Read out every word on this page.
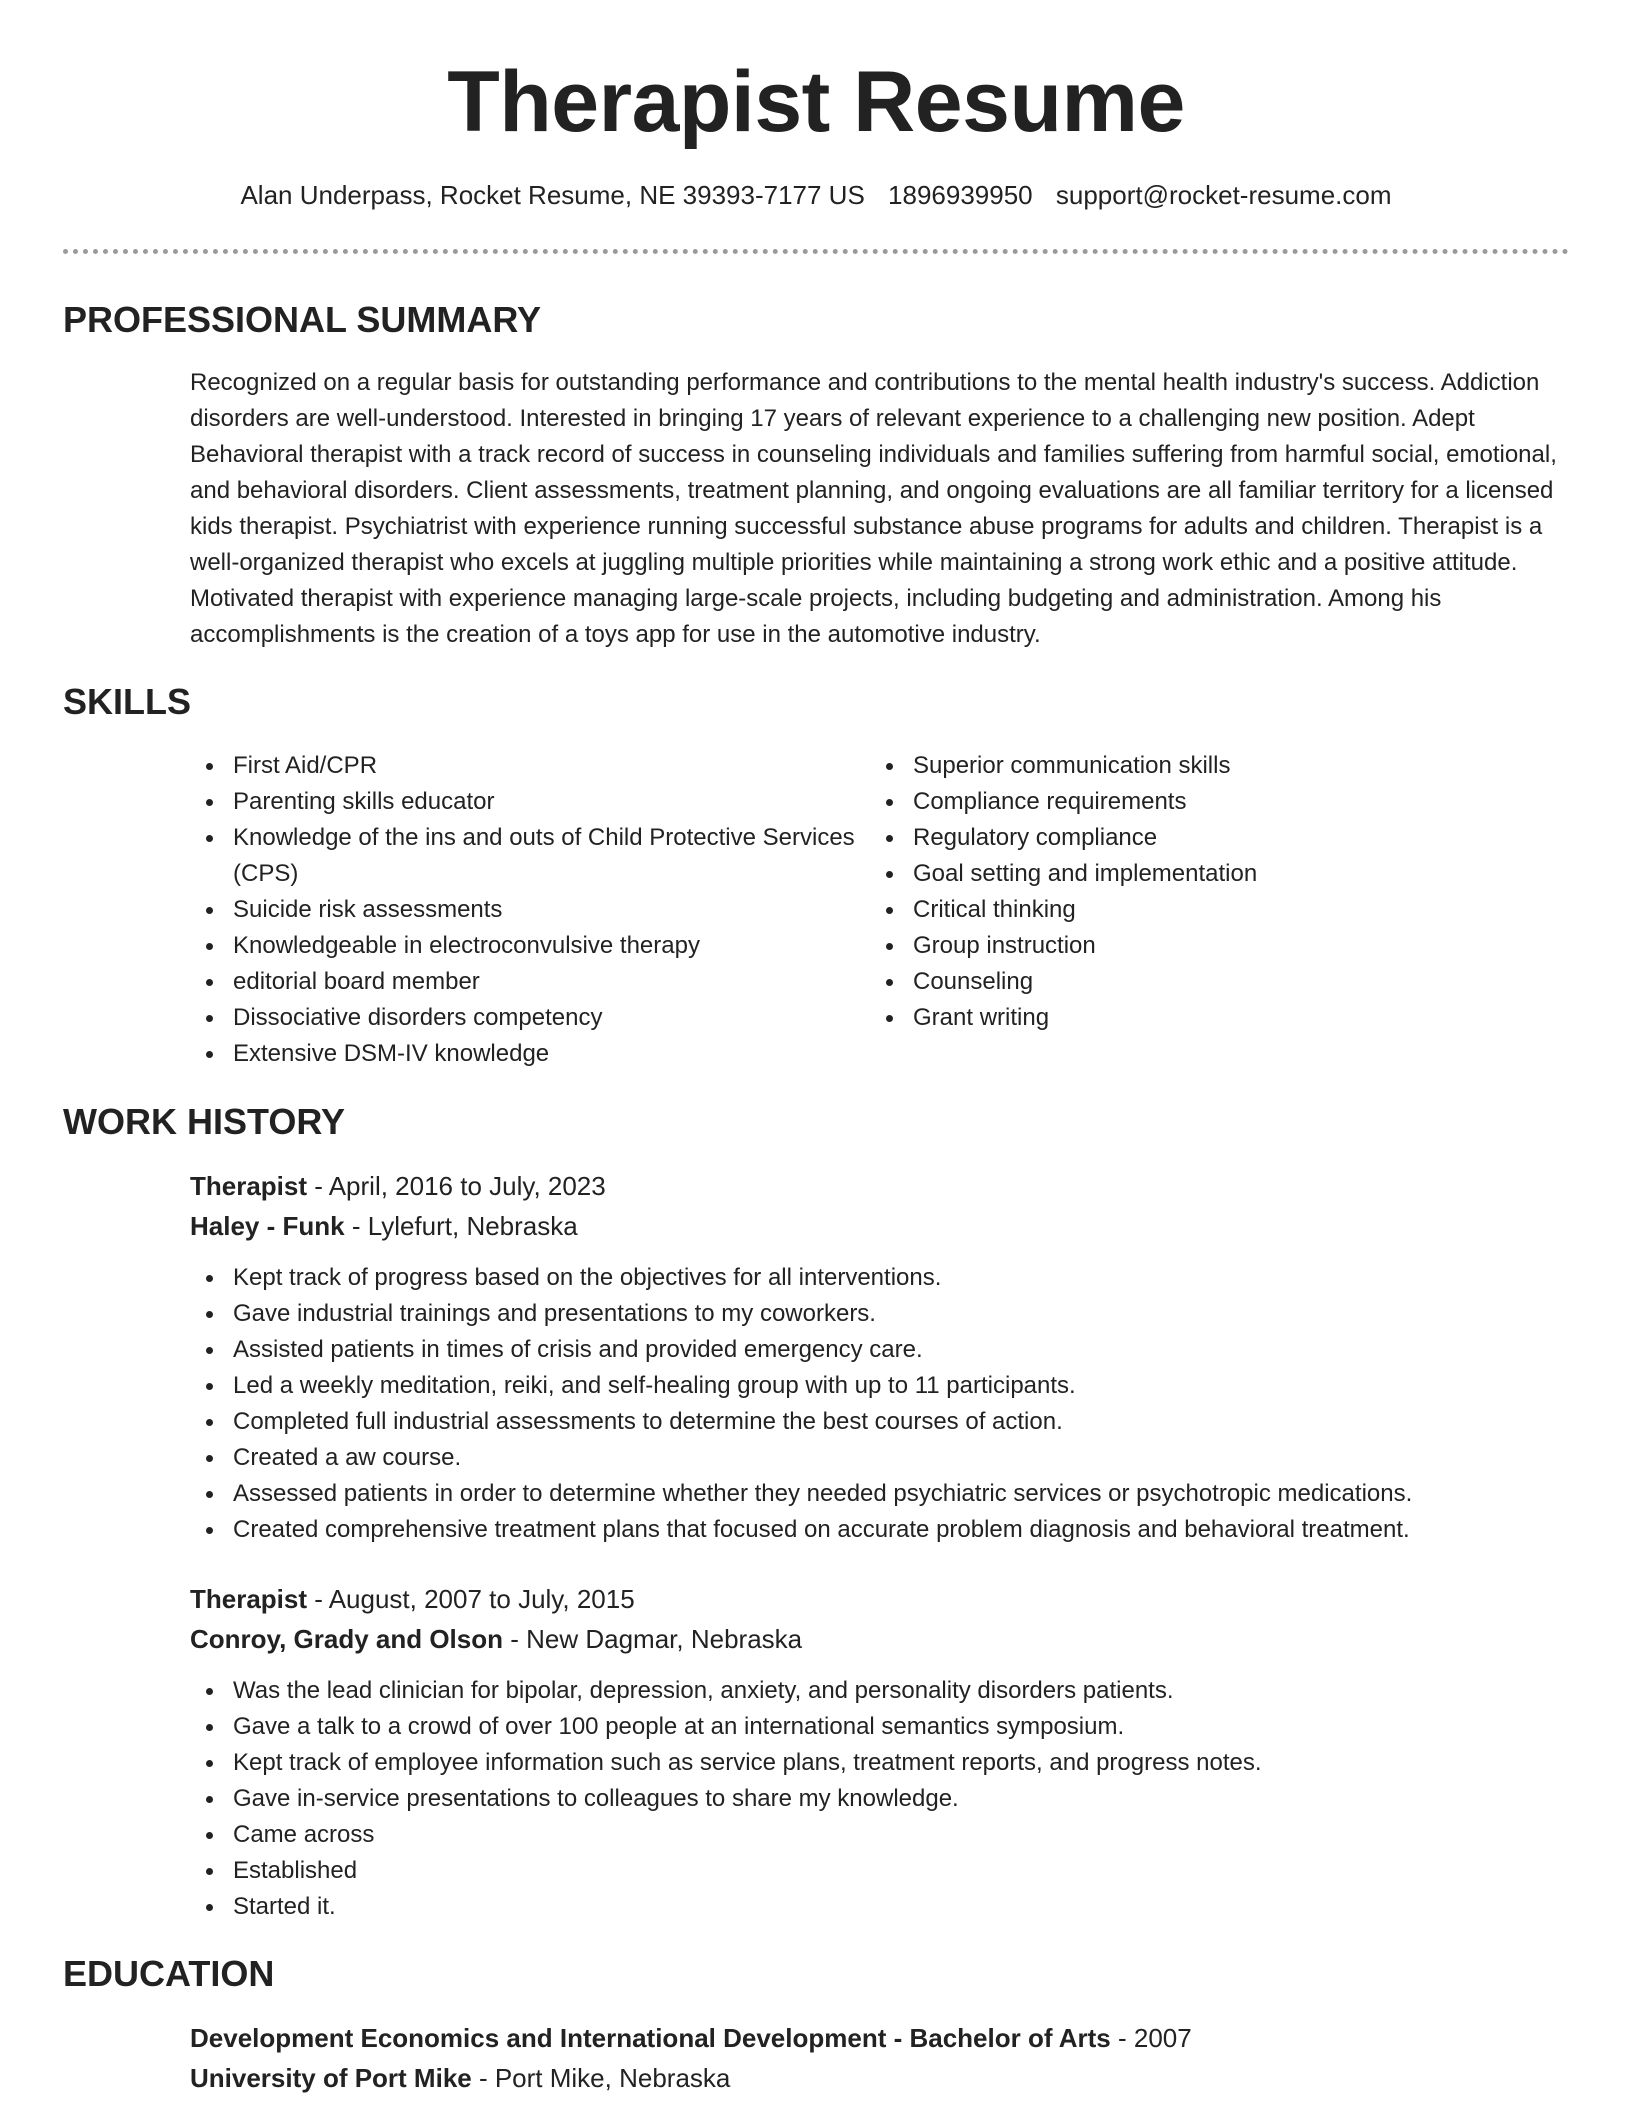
Therapist Resume
Alan Underpass, Rocket Resume, NE 39393-7177 US 1896939950 support@rocket-resume.com
PROFESSIONAL SUMMARY

Recognized on a regular basis for outstanding performance and contributions to the mental health industry's success. Addiction disorders are well-understood. Interested in bringing 17 years of relevant experience to a challenging new position. Adept Behavioral therapist with a track record of success in counseling individuals and families suffering from harmful social, emotional, and behavioral disorders. Client assessments, treatment planning, and ongoing evaluations are all familiar territory for a licensed kids therapist. Psychiatrist with experience running successful substance abuse programs for adults and children. Therapist is a well-organized therapist who excels at juggling multiple priorities while maintaining a strong work ethic and a positive attitude. Motivated therapist with experience managing large-scale projects, including budgeting and administration. Among his accomplishments is the creation of a toys app for use in the automotive industry.

SKILLS
First Aid/CPR
Parenting skills educator
Knowledge of the ins and outs of Child Protective Services (CPS)
Suicide risk assessments
Knowledgeable in electroconvulsive therapy
editorial board member
Dissociative disorders competency
Extensive DSM-IV knowledge
Superior communication skills
Compliance requirements
Regulatory compliance
Goal setting and implementation
Critical thinking
Group instruction
Counseling
Grant writing
WORK HISTORY
Therapist - April, 2016 to July, 2023
Haley - Funk - Lylefurt, Nebraska
Kept track of progress based on the objectives for all interventions.
Gave industrial trainings and presentations to my coworkers.
Assisted patients in times of crisis and provided emergency care.
Led a weekly meditation, reiki, and self-healing group with up to 11 participants.
Completed full industrial assessments to determine the best courses of action.
Created a aw course.
Assessed patients in order to determine whether they needed psychiatric services or psychotropic medications.
Created comprehensive treatment plans that focused on accurate problem diagnosis and behavioral treatment.
Therapist - August, 2007 to July, 2015
Conroy, Grady and Olson - New Dagmar, Nebraska
Was the lead clinician for bipolar, depression, anxiety, and personality disorders patients.
Gave a talk to a crowd of over 100 people at an international semantics symposium.
Kept track of employee information such as service plans, treatment reports, and progress notes.
Gave in-service presentations to colleagues to share my knowledge.
Came across
Established
Started it.
EDUCATION
Development Economics and International Development - Bachelor of Arts - 2007
University of Port Mike - Port Mike, Nebraska
